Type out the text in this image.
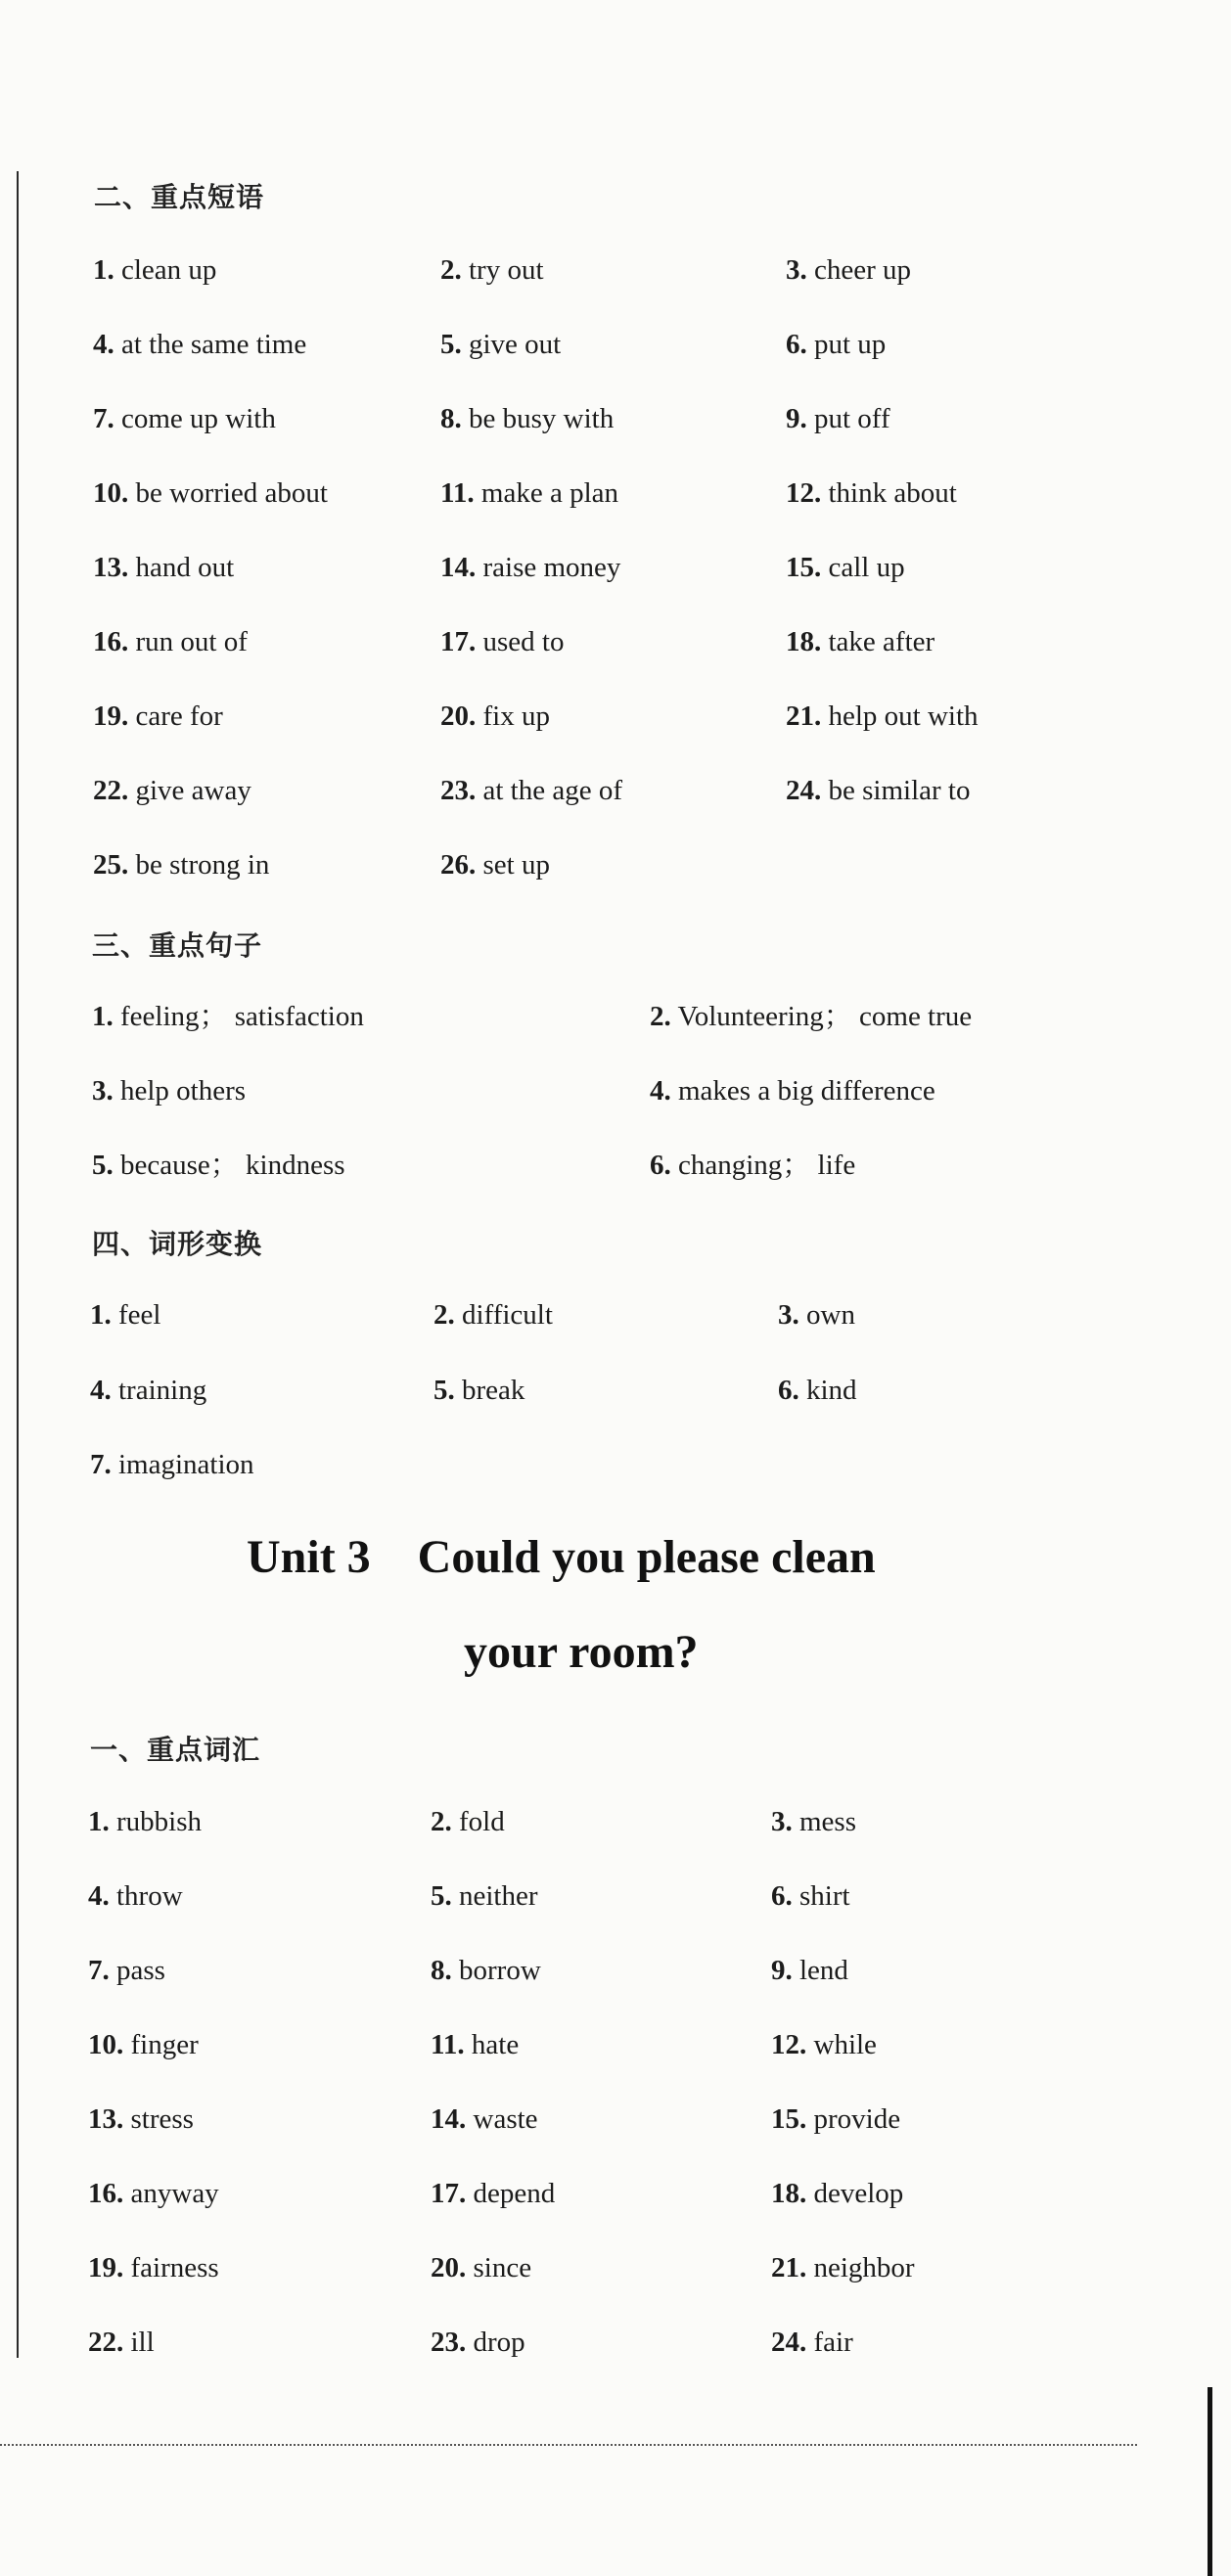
二、重点短语
1. clean up	2. try out	3. cheer up
4. at the same time	5. give out	6. put up
7. come up with	8. be busy with	9. put off
10. be worried about	11. make a plan	12. think about
13. hand out	14. raise money	15. call up
16. run out of	17. used to	18. take after
19. care for	20. fix up	21. help out with
22. give away	23. at the age of	24. be similar to
25. be strong in	26. set up
三、重点句子
1. feeling； satisfaction	2. Volunteering； come true
3. help others	4. makes a big difference
5. because； kindness	6. changing； life
四、词形变换
1. feel	2. difficult	3. own
4. training	5. break	6. kind
7. imagination
Unit 3    Could you please clean
your room?
一、重点词汇
1. rubbish	2. fold	3. mess
4. throw	5. neither	6. shirt
7. pass	8. borrow	9. lend
10. finger	11. hate	12. while
13. stress	14. waste	15. provide
16. anyway	17. depend	18. develop
19. fairness	20. since	21. neighbor
22. ill	23. drop	24. fair
